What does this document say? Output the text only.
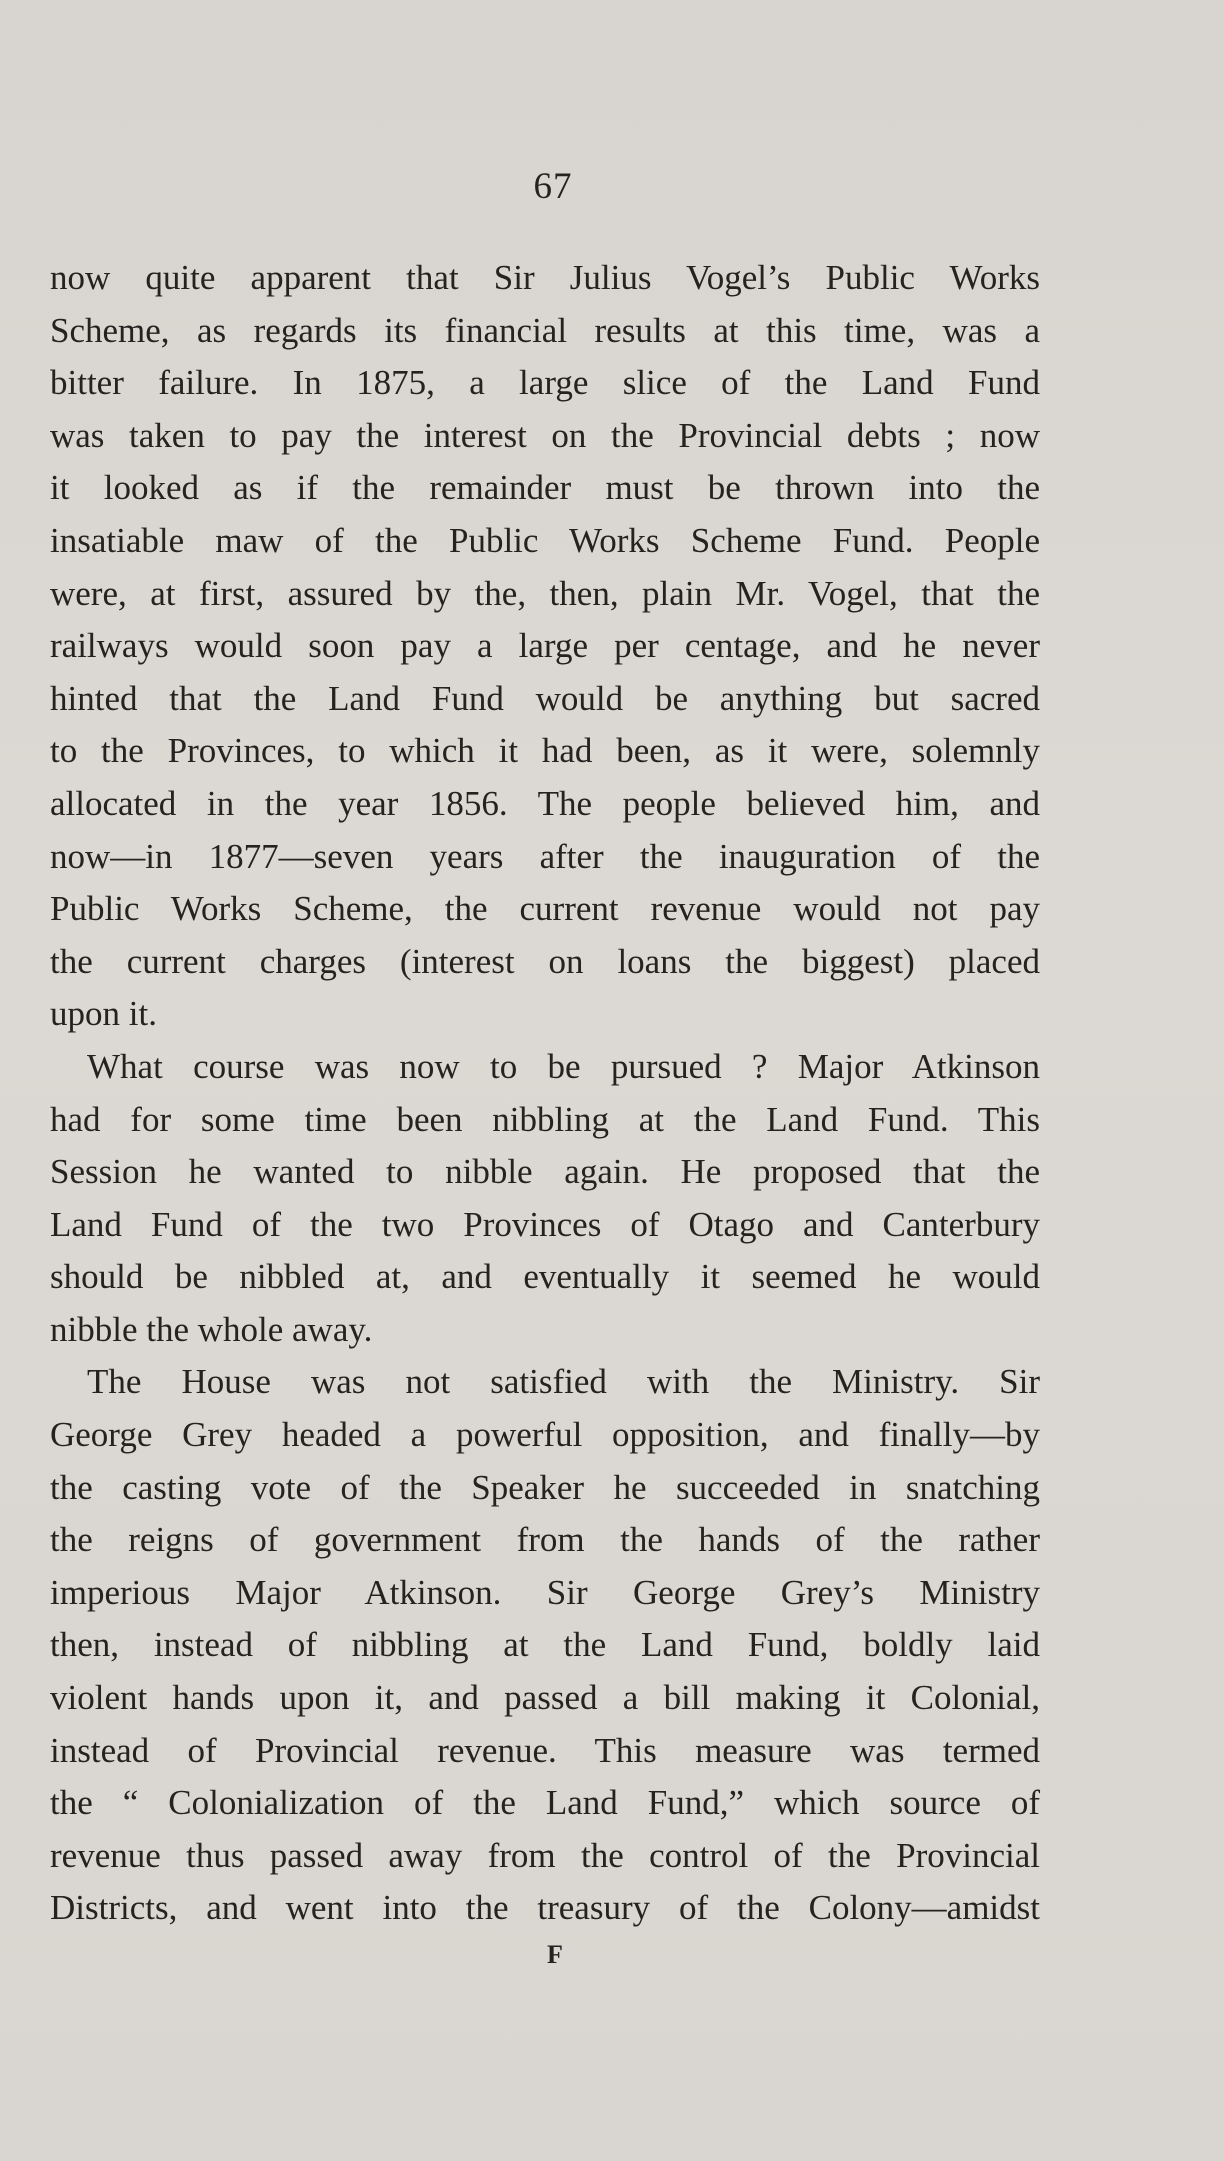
67
now quite apparent that Sir Julius Vogel’s Public Works
Scheme, as regards its financial results at this time, was a
bitter failure. In 1875, a large slice of the Land Fund
was taken to pay the interest on the Provincial debts ; now
it looked as if the remainder must be thrown into the
insatiable maw of the Public Works Scheme Fund. People
were, at first, assured by the, then, plain Mr. Vogel, that the
railways would soon pay a large per centage, and he never
hinted that the Land Fund would be anything but sacred
to the Provinces, to which it had been, as it were, solemnly
allocated in the year 1856. The people believed him, and
now—in 1877—seven years after the inauguration of the
Public Works Scheme, the current revenue would not pay
the current charges (interest on loans the biggest) placed
upon it.
What course was now to be pursued ? Major Atkinson
had for some time been nibbling at the Land Fund. This
Session he wanted to nibble again. He proposed that the
Land Fund of the two Provinces of Otago and Canterbury
should be nibbled at, and eventually it seemed he would
nibble the whole away.
The House was not satisfied with the Ministry. Sir
George Grey headed a powerful opposition, and finally—by
the casting vote of the Speaker he succeeded in snatching
the reigns of government from the hands of the rather
imperious Major Atkinson. Sir George Grey’s Ministry
then, instead of nibbling at the Land Fund, boldly laid
violent hands upon it, and passed a bill making it Colonial,
instead of Provincial revenue. This measure was termed
the “ Colonialization of the Land Fund,” which source of
revenue thus passed away from the control of the Provincial
Districts, and went into the treasury of the Colony—amidst
F
